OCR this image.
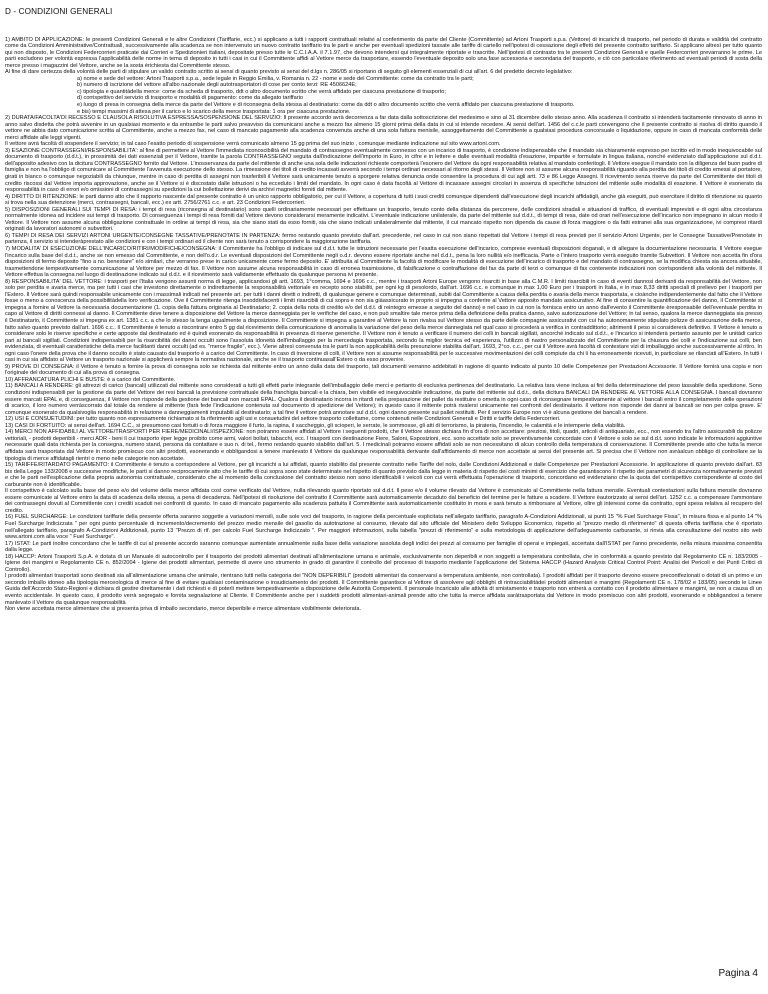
D - CONDIZIONI GENERALI

1) AMBITO DI APPLICAZIONE: le presenti Condizioni Generali e le altre Condizioni (Tariffarie, ecc.) si applicano a tutti i rapporti contrattuali relativi al conferimento da parte del Cliente (Committente) ad Artoni Trasporti s.p.a. (Vettore) di incarichi di trasporto, nel periodo di durata e validità del contratto come da Condizioni Amministrative/Contrattuali, successivamente alla scadenza se non intervenuto un nuovo contratto tariffario tra le parti e anche per eventuali spedizioni tassate alle tariffe di cartello nell'ipotesi di cessazione degli effetti del presente contratto tariffario. Si applicano altresì per tutto quanto qui non disposto, le Condizioni Federcorrieri praticate dai Corrieri e Spedizionieri italiani, depositate presso tutte le C.C.I.A.A. il 7.1.97, che devono intendersi qui integralmente riportate e trascritte. Nell'ipotesi di contrasto tra le presenti Condizioni Generali e quelle Federcorrieri prevarranno le prime. Le parti escludono per volontà espressa l'applicabilità delle norme in tema di deposito in tutti i casi in cui il Committente affidi al Vettore merce da trasportare, essendo l'eventuale deposito solo una fase accessoria e secondaria del trasporto, e ciò con particolare riferimento ad eventuali periodi di sosta della merce presso i magazzini del Vettore, anche se la sosta érichiesta dal Committente stesso.

Al fine di dare certezza della volontà delle parti di stipulare un valido contratto scritto ai sensi di quanto previsto ai sensi del d.lgs n. 286/05 si riportano di seguito gli elementi essenziali di cui all'art. 6 del predetto decreto legislativo:

a) nome e sede del vettore: Artoni Trasporti s.p.a., sede legale in Reggio Emilia, v. Romania n. 22 - nome e sede del Committente: come da contratto tra le parti;

b) numero di iscrizione del vettore all'albo nazionale degli autotrasportatori di cose per conto terzi: RE 4506624E;

c) tipologia e quantitàdella merce: come da scheda di trasporto, ddt o altro documento scritto che verrà affidato per ciascuna prestazione di trasporto;

d) corrispettivo del servizio di trasporto e modalità di pagamento: come da allegato tariffario

e) luogo di presa in consegna della merce da parte del Vettore e di riconsegna della stessa al destinatario: come da ddt o altro documento scritto che verrà affidato per ciascuna prestazione di trasporto.

e bis) tempi massimi di attesa per il carico e lo scarico della merce trasportata: 1 ora per ciascuna prestazione.

2) DURATA/FACOLTA'DI RECESSO E CLAUSOLA RISOLUTIVA ESPRESSA/SOSPENSIONE DEL SERVIZIO: Il presente accordo avrà decorrenza a far data dalla sottoscrizione del medesimo e sino al 31 dicembre dello stesso anno. Alla scadenza il contratto si intenderà tacitamente rinnovato di anno in anno salvo disdetta che potrà avvenire in un qualsiasi momento e da entrambe le parti salvo preavviso da comunicarsi anche a mezzo fax almeno 15 giorni prima della data in cui si intende recedere. Ai sensi dell'art. 1456 del c.c.le parti convengono che il presente contratto si risolva di diritto quando il vettore ne abbia dato comunicazione scritta al Committente, anche a mezzo fax, nel caso di mancato pagamento alla scadenza convenuta anche di una sola fattura menisile, assoggettamento del Committente a qualsiasi procedura concorsuale o liquidazione, oppure in caso di mancata conformità delle merci affidate alle leggi vigenti.

Il vettore avrà facoltà di sospendere il servizio; in tal caso l'esatto periodo di sospensione verrà comunicato almeno 15 gg prima del suo inizio , comunque mediante indicazione sul sito www.artoni.com.

3) ESAZIONE CONTRASSEGNI/RESPONSABILITA': al fine di permettere al Vettore l'immediata riconoscibilità del mandato di contrassegno eventualmente connesso con un incarico di trasporto, è condizione indispensabile che il mandato sia chiaramente espresso per iscritto ed in modo inequivocabile sul documento di trasporto (d.d.t.), in prossimità dei dati essenziali per il Vettore, tramite la parola CONTRASSEGNO seguita dall'indicazione dell'importo in Euro, in cifre e in lettere e dalle eventuali modalità d'esazione, impartite e formulate in lingua italiana, nonché evidenziato dall'applicazione sul d.d.t. dell'apposito adesivo con la dicitura CONTRASSEGNO fornito dal Vettore. L'inosservanza da parte del mittente di anche una sola delle indicazioni richieste comporterà l'esonero del Vettore da ogni responsabilità relativa al mandato conferitogli. Il Vettore esegue il mandato con la diligenza del buon padre di famiglia e non ha l'obbligo di comunicare al Committente l'avvenuta esecuzione dello stesso. La rimessione dei titoli di credito incassati avverrà secondo i tempi ordinari necessari al ritorno degli stessi. Il Vettore non si assume alcuna responsabilità riguardo alla perdita dei titoli di credito emessi al portatore, girati in bianco o comunque negoziabili da chiunque, mentre in caso di perdita di assegni non trasferibili il Vettore sarà unicamente tenuto a sporgere relativa denuncia onde consentire la procedura di cui agli artt. 73 e 86 Legge Assegni. Il ricevimento senza riserve da parte del Committente dei titoli di credito riscossi dal Vettore importa approvazione, anche se il Vettore si è discostato dalle istruzioni o ha ecceduto i limiti del mandato. In ogni caso è data facoltà al Vettore di incassare assegni circolari in assenza di specifiche istruzioni del mittente sulle modalità di esazione. Il Vettore è esonerato da responsabilità in caso di errori e/o omissioni di contrassegni su spedizioni la cui bollettazione derivi da archivi magnetici forniti dal mittente.

4) DIRITTO DI RITENZIONE: le parti danno atto che il rapporto nascente dal presente contratto è un unico rapporto obbligatorio, per cui il Vettore, a copertura di tutti i suoi crediti comunque dipendenti dall'esecuzione degli incarichi affidatigli, anche già eseguiti, può esercitare il diritto di ritenzione su quanto si trova nella sua detenzione (merci, contrassegni, bancali, ecc.) ex artt. 2756/2761 c.c. e art. 23 Condizioni Federcorrieri.

5) DISPOSIZIONI GENERALI SUI TEMPI DI RESA: i tempi di resa (riconsegna al destinatario) sono quelli ordinariamente necessari per effettuare un trasporto, tenuto conto della distanza da percorrere, delle condizioni stradali e situazioni di traffico, di eventuali imprevisti e di ogni altra circostanza normalmente idonea ad incidere sui tempi di trasporto. Di conseguenza i tempi di resa forniti dal Vettore devono considerarsi meramente indicativi. L'eventuale indicazione unilaterale, da parte del mittente sul d.d.t., di tempi di resa, date od orari nell'esecuzione dell'incarico non impegnano in alcun modo il Vettore. Il Vettore non assume alcuna obbligazione contrattuale in ordine ai tempi di resa, sia che siano stati da esso forniti, sia che siano indicati unilateralmente dal mittente, il cui mancato rispetto non dipenda da cause di forza maggiore o da fatti estranei alla sua organizzazione, ivi compresi ritardi originati da lavoratori autonomi o subvettori.

6) TEMPI DI RESA DEI SERVIZI ARTONI URGENTE/CONSEGNE TASSATIVE/PRENOTATE IN PARTENZA: fermo restando quanto previsto dall'art. precedente, nel caso in cui non siano rispettati dal Vettore i tempi di resa previsti per il servizio Artoni Urgente, per le Consegne Tassative/Prenotate in partenza, il servizio si intenderàprestato alle condizioni e con i tempi ordinari ed il cliente non sarà tenuto a corrispondere la maggiorazione tariffaria.

7) MODALITA' DI ESECUZIONE DELL'INCARICO/RITIRI/MODIFICHE/CONSEGNA: il Committente ha l'obbligo di indicare sul d.d.t. tutte le istruzioni necessarie per l'esatta esecuzione dell'incarico, comprese eventuali disposizioni doganali, e di allegare la documentazione necessaria. Il Vettore esegue l'incarico sulla base del d.d.t., anche se non emesso dal Committente, e non dell'o.d.r. Le eventuali disposizioni del Committente negli o.d.r. devono essere riportate anche nel d.d.t., pena la loro nullità e/o inefficacia. Parte o l'intero trasporto verrà eseguito tramite Subvettori. Il Vettore non accetta fin d'ora disposizioni di fermo deposito "fino a no. benestare" e/o similari, che verranno prese in carico unicamente come fermo deposito. E' attribuita al Committente la facoltà di modificare le modalità di esecuzione dell'incarico di trasporto e del mandato di contrassegno, se la modifica chiesta sia ancora attuabile, trasmettendone tempestivamente comunicazione al Vettore per mezzo di fax. Il Vettore non assume alcuna responsabilità in caso di erronea trasmissione, di falsificazione o contraffazione del fax da parte di terzi o comunque di fax contenente indicazioni non corrispondenti alla volontà del mittente. Il Vettore effettua la consegna nel luogo di destinazione indicato sul d.d.t. e il ricevimento sarà validamente effettuato da qualunque persona ivi presente.

8) RESPONSABILITA' DEL VETTORE: i trasporti per l'Italia vengono assunti norma di legge, applicandosi gli artt. 1693, 1°comma, 1694 e 1696 c.c., mentre i trasporti Artoni Europe vengono risarciti in base alla C.M.R. I limiti risarcibili in caso di eventi dannosi derivanti da responsabilità del Vettore, non solo per perdita e avaria merce, ma per tutti i casi che investono direttamente o indirettamente la responsabilità vettoriale ex recepto sono stabiliti, per ogni kg di pesolordo, dall'art. 1696 c.c. e comunque in max 1,00 Euro per i trasporti in Italia, e in max 8,33 diritti speciali di prelievo per i trasporti per l'Estero. Il Vettore sarà quindi responsabile unicamente con i massimali indicati nel presente art. per tutti i danni diretti o indiretti, di qualunque genere e comunque determinati, subiti dal Committente a causa della perdita o avaria della merce trasportata, e cioànche indipendentemente dal fatto che il Vettore fosse o meno a conoscenza della possibilitàdella loro verificazione. Ove il Committente ritenga insoddisfacenti i limiti risarcibili di cui sopra e non sia giàassicurato in proprio si impegna a conferire al Vettore apposito mandato assicurativo. Al fine di consentire la quantificazione del danno, il Committente si impegna a fornire al Vettore la necessaria documentazione (1. copia della fattura originaria al Destinatario; 2. copia della nota di credito e/o del d.d.t. di reintegro emesse a seguito del danno) e nel caso in cui non la fornisca entro un anno dall'evento il Committente èresponsabile dell'eventuale perdita in capo al Vettore di diritti connessi al danno. Il Committente deve tenere a disposizione del Vettore la merce danneggiata per le verifiche del caso, e non può smaltire tale merce prima della definizione della pratica danno, salvo autorizzazione del Vettore; in tal senso, qualora la merce danneggiata sia presso il Destinatario, il Committente si impegna ex art. 1381 c.c. a che lo stesso la tenga ugualmente a disposizione. Il Committente si impegna a garantire al Vettore la non rivalsa sul Vettore stesso da parte delle compagnie assicurativi con cui ha autonomamente stipulato polizze di assicurazione della merce, fatto salvo quanto previsto dall'art. 1696 c.c.. Il Committente è tenuto a riscontrare entro 5 gg dal ricevimento della comunicazione di anomalia la variazione del peso della merce dannegiata nel qual caso si procederà a verifica in contraddittorio; altrimenti il peso si considererà definitivo. Il Vettore è tenuto a considerare solo le riserve specifiche e certe apposte dal destinatario ed è quindi esonerato da responsabilità in presenza di riserve generiche. Il Vettore non è tenuto a verificare il numero dei colli in bancali sigillati, ancorché indicato sul d.d.t., e l'incarico si intenderà pertanto assunto per le unitàdi carico pari ai bancali sigillati. Condizioni indispensabili per la risarcibilità dei danni occulti sono l'assoluta idoneità dell'imballaggio per la mercedagia trasportata, secondo la miglior tecnica ed esperienza, l'utilizzo di nastro personalizzato del Committente per la chiusura dei colli e l'indicazione sui colli, ben evidenziata, di eventuali caratteristiche della merce facilitanti danni occulti (ad es. "merce fragile", ecc.). Viene altresì convenuta tra le parti la non applicabilità della presunzione stabilita dall'art. 1693, 2°co. c.c., per cui il Vettore avrà facoltà di contestare vizi di imballaggio anche successivamente al ritiro. In ogni caso l'onere della prova che il danno occulto è stato causato dal trasporto è a carico del Committente. In caso di inversione di colli, il Vettore non si assume responsabilità per le successive movimentazioni dei colli compiute da chi li ha erroneamente ricevuti, in particolare se rilanciati all'Estero. In tutti i casi in cui sia affidato al Vettore un trasporto nazionale si applicherà sempre la normativa nazionale, anche se il trasporto continuasall'Estero o da esso provenire.

9) PROVE DI CONSEGNA: il Vettore è tenuto a fornire la prova di consegna solo se richiesta dal mittente entro un anno dalla data del trasporto, tali documenti verranno addebitati in ragione di quanto indicato al punto 10 delle Competenze per Prestazioni Accessorie. Il Vettore fornirà una copia e non l'originale del documento di cui alla prova di consegna.

10) AFFRANCATURA PLICHI E BUSTE: è a carico del Committente.

11) BANCALI A RENDERE: gli attrezzi di carico (bancali) utilizzati dal mittente sono considerati a tutti gli effetti parte integrante dell'imballaggio delle merci e pertanto di esclusiva pertinenza del destinatario. La relativa tara viene inclusa ai fini della determinazione del peso tassabile della spedizione. Sono condizioni indispensabili per la gestione da parte del Vettore dei resi bancali la previsione contrattuale della franchigia bancali e la chiara, ben visibile ed inequivocabile indicazione, da parte del mittente sul d.d.t., della dicitura BANCALI DA RENDERE AL VETTORE ALLA CONSEGNA. I bancali dovranno essere marcati EPAL e, di conseguenza, il Vettore non risponde della gestione dei bancali non marcati EPAL. Qualora il destinatario incorra in ritardi nella preparazione dei pallet da restituire o ometta in ogni caso di riconsegnare tempestivamente al vettore i bancali entro il completamento delle operazioni di scarico, il loro numero verràscorrato dal totale da rendere al mittente (farà fede l'indicazione contenuta sul documento di spedizione del Vettore); in questo caso il mittente potrà rivalersi unicamente nei confronti del destinatario. Il vettore non risponde dei danni ai bancali se non per colpa grave. E' comunque esonerato da qualsivoglia responsabilità in relazione a danneggiamenti imputabili al destinatario; a tal fine il vettore potrà annotare sul d.d.t. ogni danno presente sui pallet restituiti. Per il servizio Europe non vi è alcuna gestione dei bancali a rendere.

12) USI E CONSUETUDINI: per tutto quanto non espressamente richiamato si fa riferimento agli usi e consuetudini del settore trasporto collettame, come contenuti nelle Condizioni Generali e Diritti e tariffe della Federcorrieri.

13) CASI DI FORTUITO: ai sensi dell'art. 1694 C.C., si presumono casi fortuiti o di forza maggiore il furto, la rapina, il saccheggio, gli scioperi, le serrate, le sommosse, gli atti di terrorismo, la pirateria, l'incendio, le calamità e le intemperie della viabilità.

14) MERCI NON AFFIDABILI AL VETTORE/TRASPORTI PER FIERE/MEDICINALI/ISPEZIONE: non potranno essere affidati al Vettore i seguenti prodotti, che il Vettore stesso dichiara fin d'ora di non accettare: preziosi, titoli, quadri, articoli di antiquariato, ecc., non essendo tra l'altro assicurabili da polizze vettoriali, - prodotti deperibili - merci ADR - beni il cui trasporto èper legge proibito come armi, valori bollati, tabacchi, ecc. I trasporti con destinazione Fiere, Saloni, Esposizioni, ecc. sono accettate solo se preventivamente concordate con il Vettore e solo se sul d.d.t. sono indicate le informazioni aggiuntive necessarie quali data richiesta per la consegna, numero stand, persona da contattare e suo n. di tel., fermo restando quanto stabilito dall'art. 5. I medicinali potranno essere affidati solo se non necessitano di alcun controllo della temperatura di conservazione. Il Committente prende atto che tutta la merce affidata sarà trasportata dal Vettore in modo promiscuo con altri prodotti, esonerando e obbligandosi a tenere manlevato il Vettore da qualunque responsabilità derivante dall'affidamento di merce non accettate ai sensi del presente art. Si precisa che il Vettore non avràalcun obbligo di controllare se la tipologia di merce affidatagli rientri o meno nelle categorie non accettate.

15) TARIFFE/RITARDATO PAGAMENTO: il Committente è tenuto a corrispondere al Vettore, per gli incarichi a lui affidati, quanto stabilito dal presente contratto nelle Tariffe del nolo, dalle Condizioni Addizionali e dalle Competenze per Prestazioni Accessorie. In applicazione di quanto previsto dall'art. 83 bis della Legge 133/2008 e successive modifiche, le parti si danno reciprocamente atto che le tariffe di cui sopra sono state determinate nel rispetto di quanto previsto dalla legge in materia di rispetto dei costi minimi di esercizio che garantiscono il rispetto dei parametri di sicurezza normativamente previsti e che le parti nell'esplicazione della propria autonomia contrattuale, considerato che al momento della conclusione del contratto stesso non sono identificabili i veicoli con cui verrà effettuata l'operazione di trasporto, concordano ed evidenziano che la quota del corrispettivo corrispondente al costo del carburante non è identificabile.

Il corrispettivo è calcolato sulla base del peso e/o del volume della merce affidata così come verificato dal Vettore, nulla rilevando quanto riportato sul d.d.t. Il peso e/o il volume rilevato dal Vettore è comunicato al Committente nella fattura mensile. Eventuali contestazioni sulla fattura mensile dovranno essere comunicate al Vettore entro la data di scadenza della stessa, a pena di decadenza. Nell'ipotesi di risoluzione del contratto il Committente sarà automaticamente decaduto dal beneficio del termine per le fatture a scadere. Il Vettore èautorizzato ai sensi dell'art. 1252 c.c. a compensare l'ammontare dei contrassegni dovuti al Committente con i crediti scaduti nei confronti di questo. In caso di mancato pagamento alla scadenza pattuita il Committente sarà automaticamente costituito in mora e sarà tenuto a rimborsare al Vettore, oltre gli interessi come da contratto, ogni spesa relativa al recupero del credito.

16) FUEL SURCHARGE: Le condizioni tariffarie della presente offerta saranno soggette a variazioni mensili, sulle sole voci del trasporto, in ragione della percentuale esplicitata nell'allegato tariffario, paragrafo A-Condizioni Addizionali, ai punti 15 "% Fuel Surcharge Fissa", in misura fissa e al punto 14 "% Fuel Surcharge Indicizzata " per ogni punto percentuale di incremento/decremento del prezzo medio mensile del gasolio da autotrazione al consumo, rilevato dal sito ufficiale del Ministero dello Sviluppo Economico, rispetto al "prezzo medio di riferimento" di questa offerta tariffaria che è riportato nell'allegato tariffario, paragrafo A-Condizioni Addizionali, punto 13 "Prezzo di rif. per calcolo Fuel Surcharge Indicizzato ". Per maggiori informazioni, sulla tabella "prezzi di riferimento" e sulla metodologia di applicazione dell'adeguamento carburante, si rinvia alla consultazione del nostro sito web www.artoni.com alla voce " Fuel Surcharge".

17) ISTAT: Le parti inoltre concordano che le tariffe di cui al presente accordo saranno comunque aumentate annualmente sulla base della variazione assoluta degli indici dei prezzi al consumo per famiglie di operai e impiegati, accertata dall'ISTAT per l'anno precedente, nella misura massima consentita dalla legge.

18) HACCP: Artoni Trasporti S.p.A. è dotata di un Manuale di autocontrollo per il trasporto dei prodotti alimentari destinati all'alimentazione umana e animale, esclusivamente non deperibili e non soggetti a temperatura controllata, che in conformità a quanto previsto dal Regolamento CE n. 183/2005 - Igiene dei mangimi e Regolamento CE n. 852/2004 - Igiene dei prodotti alimentari, permette di avere uno strumento in grado di garantire il controllo del processo di trasporto mediante l'applicazione del Sistema HACCP (Hazard Analysis Critical Control Point: Analisi dei Pericoli e dei Punti Critici di Controllo).

I prodotti alimentari trasportati sono destinati sia all'alimentazione umana che animale, rientrano tutti nella categoria dei "NON DEPERIBILI" (prodotti alimentari da conservarsi a temperatura ambiente, non controllata). I prodotti affidati per il trasporto devono essere precontfezionati o dotati di un primo e un secondo imballo idoneo alla tipologia merceologica di merce al fine di evitare qualsiasi contaminazione o insudiciamento dei prodotti. Il Committente garantisce al Vettore di assolvere agli obblighi di rintracciabilitàdei prodotti alimentari e mangimi (Regolamenti CE n. 178/02 e 183/05) secondo le Linee Guida dell'Accordo Stato-Regioni e dichiara di gestire direttamente i dati richiesti e di poterli mettere tempestivamente a disposizione delle Autorità Competenti. Il personale incaricato alle attività di smistamento e trasporto non entrerà a contatto con il prodotto alimentare e mangimi, se non a causa di un evento accidentale. In questo caso, il prodotto verrà segregato e fornita segnalazione al Cliente. Il Committente anche per i suddetti prodotti alimentari-animali prende atto che tutta la merce affidata saràtrasportata dal Vettore in modo promiscuo con altri prodotti, esonerando e obbligandosi a tenere manlevato il Vettore da qualunque responsabilità

Non viene accettata merce alimentare che si presenta priva di imballo secondario, merce deperibile e merce alimentare visibilmente deteriorata.

Pagina 4
